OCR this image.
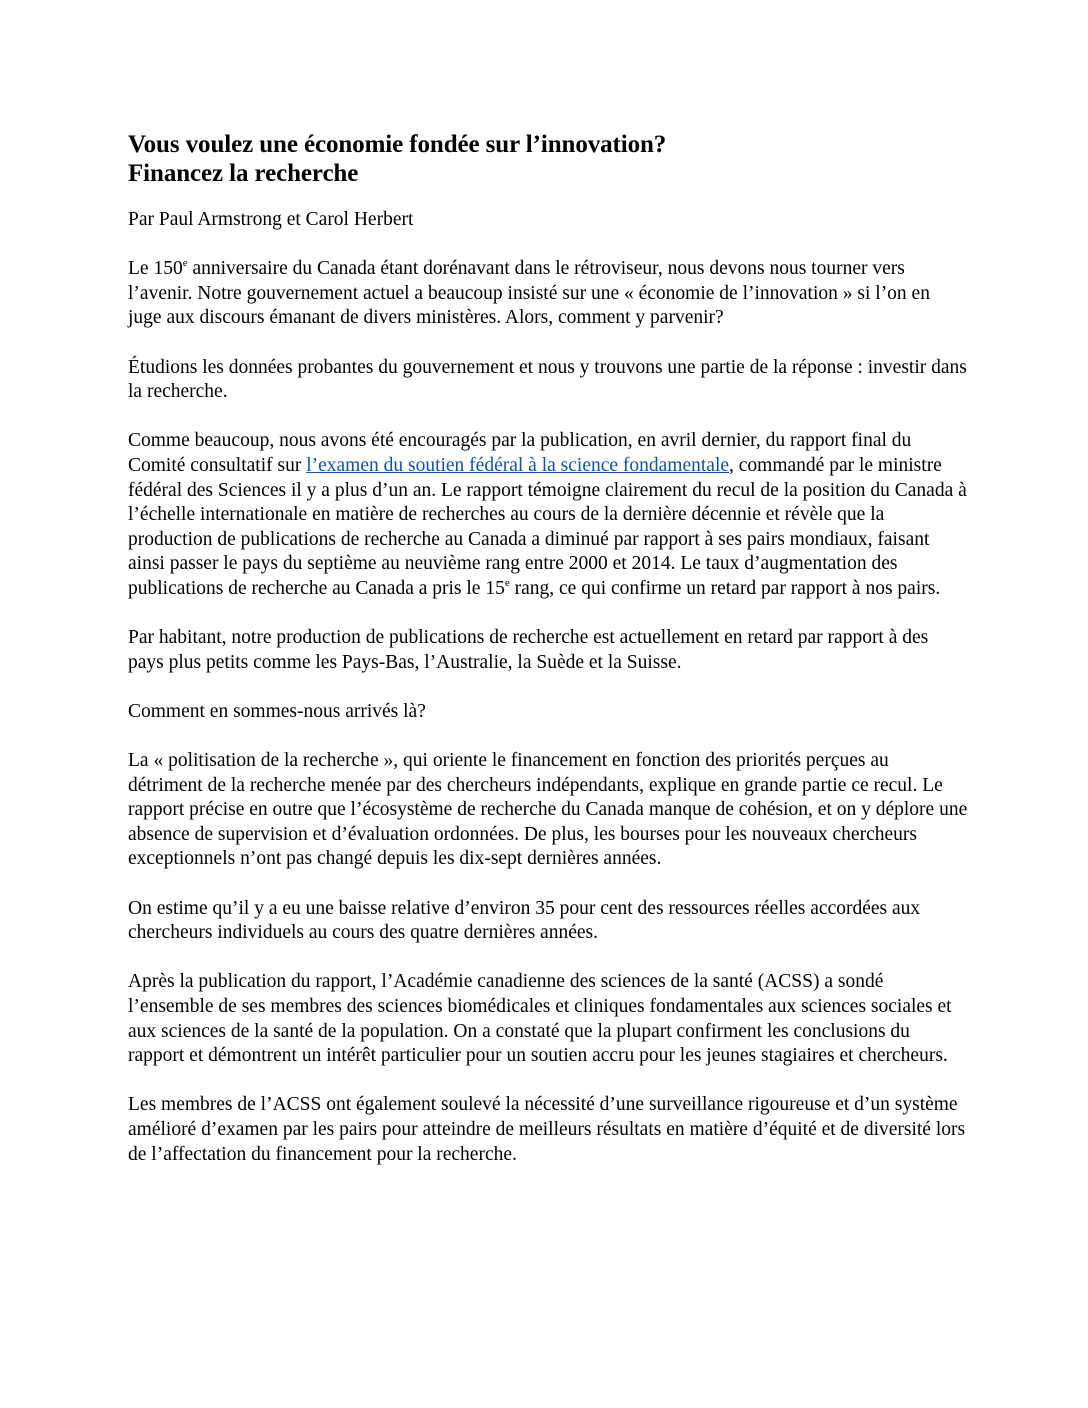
Vous voulez une économie fondée sur l’innovation?
Financez la recherche

Par Paul Armstrong et Carol Herbert

Le 150e anniversaire du Canada étant dorénavant dans le rétroviseur, nous devons nous tourner vers l’avenir. Notre gouvernement actuel a beaucoup insisté sur une « économie de l’innovation » si l’on en juge aux discours émanant de divers ministères. Alors, comment y parvenir?

Étudions les données probantes du gouvernement et nous y trouvons une partie de la réponse : investir dans la recherche.

Comme beaucoup, nous avons été encouragés par la publication, en avril dernier, du rapport final du Comité consultatif sur l’examen du soutien fédéral à la science fondamentale, commandé par le ministre fédéral des Sciences il y a plus d’un an. Le rapport témoigne clairement du recul de la position du Canada à l’échelle internationale en matière de recherches au cours de la dernière décennie et révèle que la production de publications de recherche au Canada a diminué par rapport à ses pairs mondiaux, faisant ainsi passer le pays du septième au neuvième rang entre 2000 et 2014. Le taux d’augmentation des publications de recherche au Canada a pris le 15e rang, ce qui confirme un retard par rapport à nos pairs.

Par habitant, notre production de publications de recherche est actuellement en retard par rapport à des pays plus petits comme les Pays-Bas, l’Australie, la Suède et la Suisse.

Comment en sommes-nous arrivés là?

La « politisation de la recherche », qui oriente le financement en fonction des priorités perçues au détriment de la recherche menée par des chercheurs indépendants, explique en grande partie ce recul. Le rapport précise en outre que l’écosystème de recherche du Canada manque de cohésion, et on y déplore une absence de supervision et d’évaluation ordonnées. De plus, les bourses pour les nouveaux chercheurs exceptionnels n’ont pas changé depuis les dix-sept dernières années.

On estime qu’il y a eu une baisse relative d’environ 35 pour cent des ressources réelles accordées aux chercheurs individuels au cours des quatre dernières années.

Après la publication du rapport, l’Académie canadienne des sciences de la santé (ACSS) a sondé l’ensemble de ses membres des sciences biomédicales et cliniques fondamentales aux sciences sociales et aux sciences de la santé de la population. On a constaté que la plupart confirment les conclusions du rapport et démontrent un intérêt particulier pour un soutien accru pour les jeunes stagiaires et chercheurs.

Les membres de l’ACSS ont également soulevé la nécessité d’une surveillance rigoureuse et d’un système amélioré d’examen par les pairs pour atteindre de meilleurs résultats en matière d’équité et de diversité lors de l’affectation du financement pour la recherche.
